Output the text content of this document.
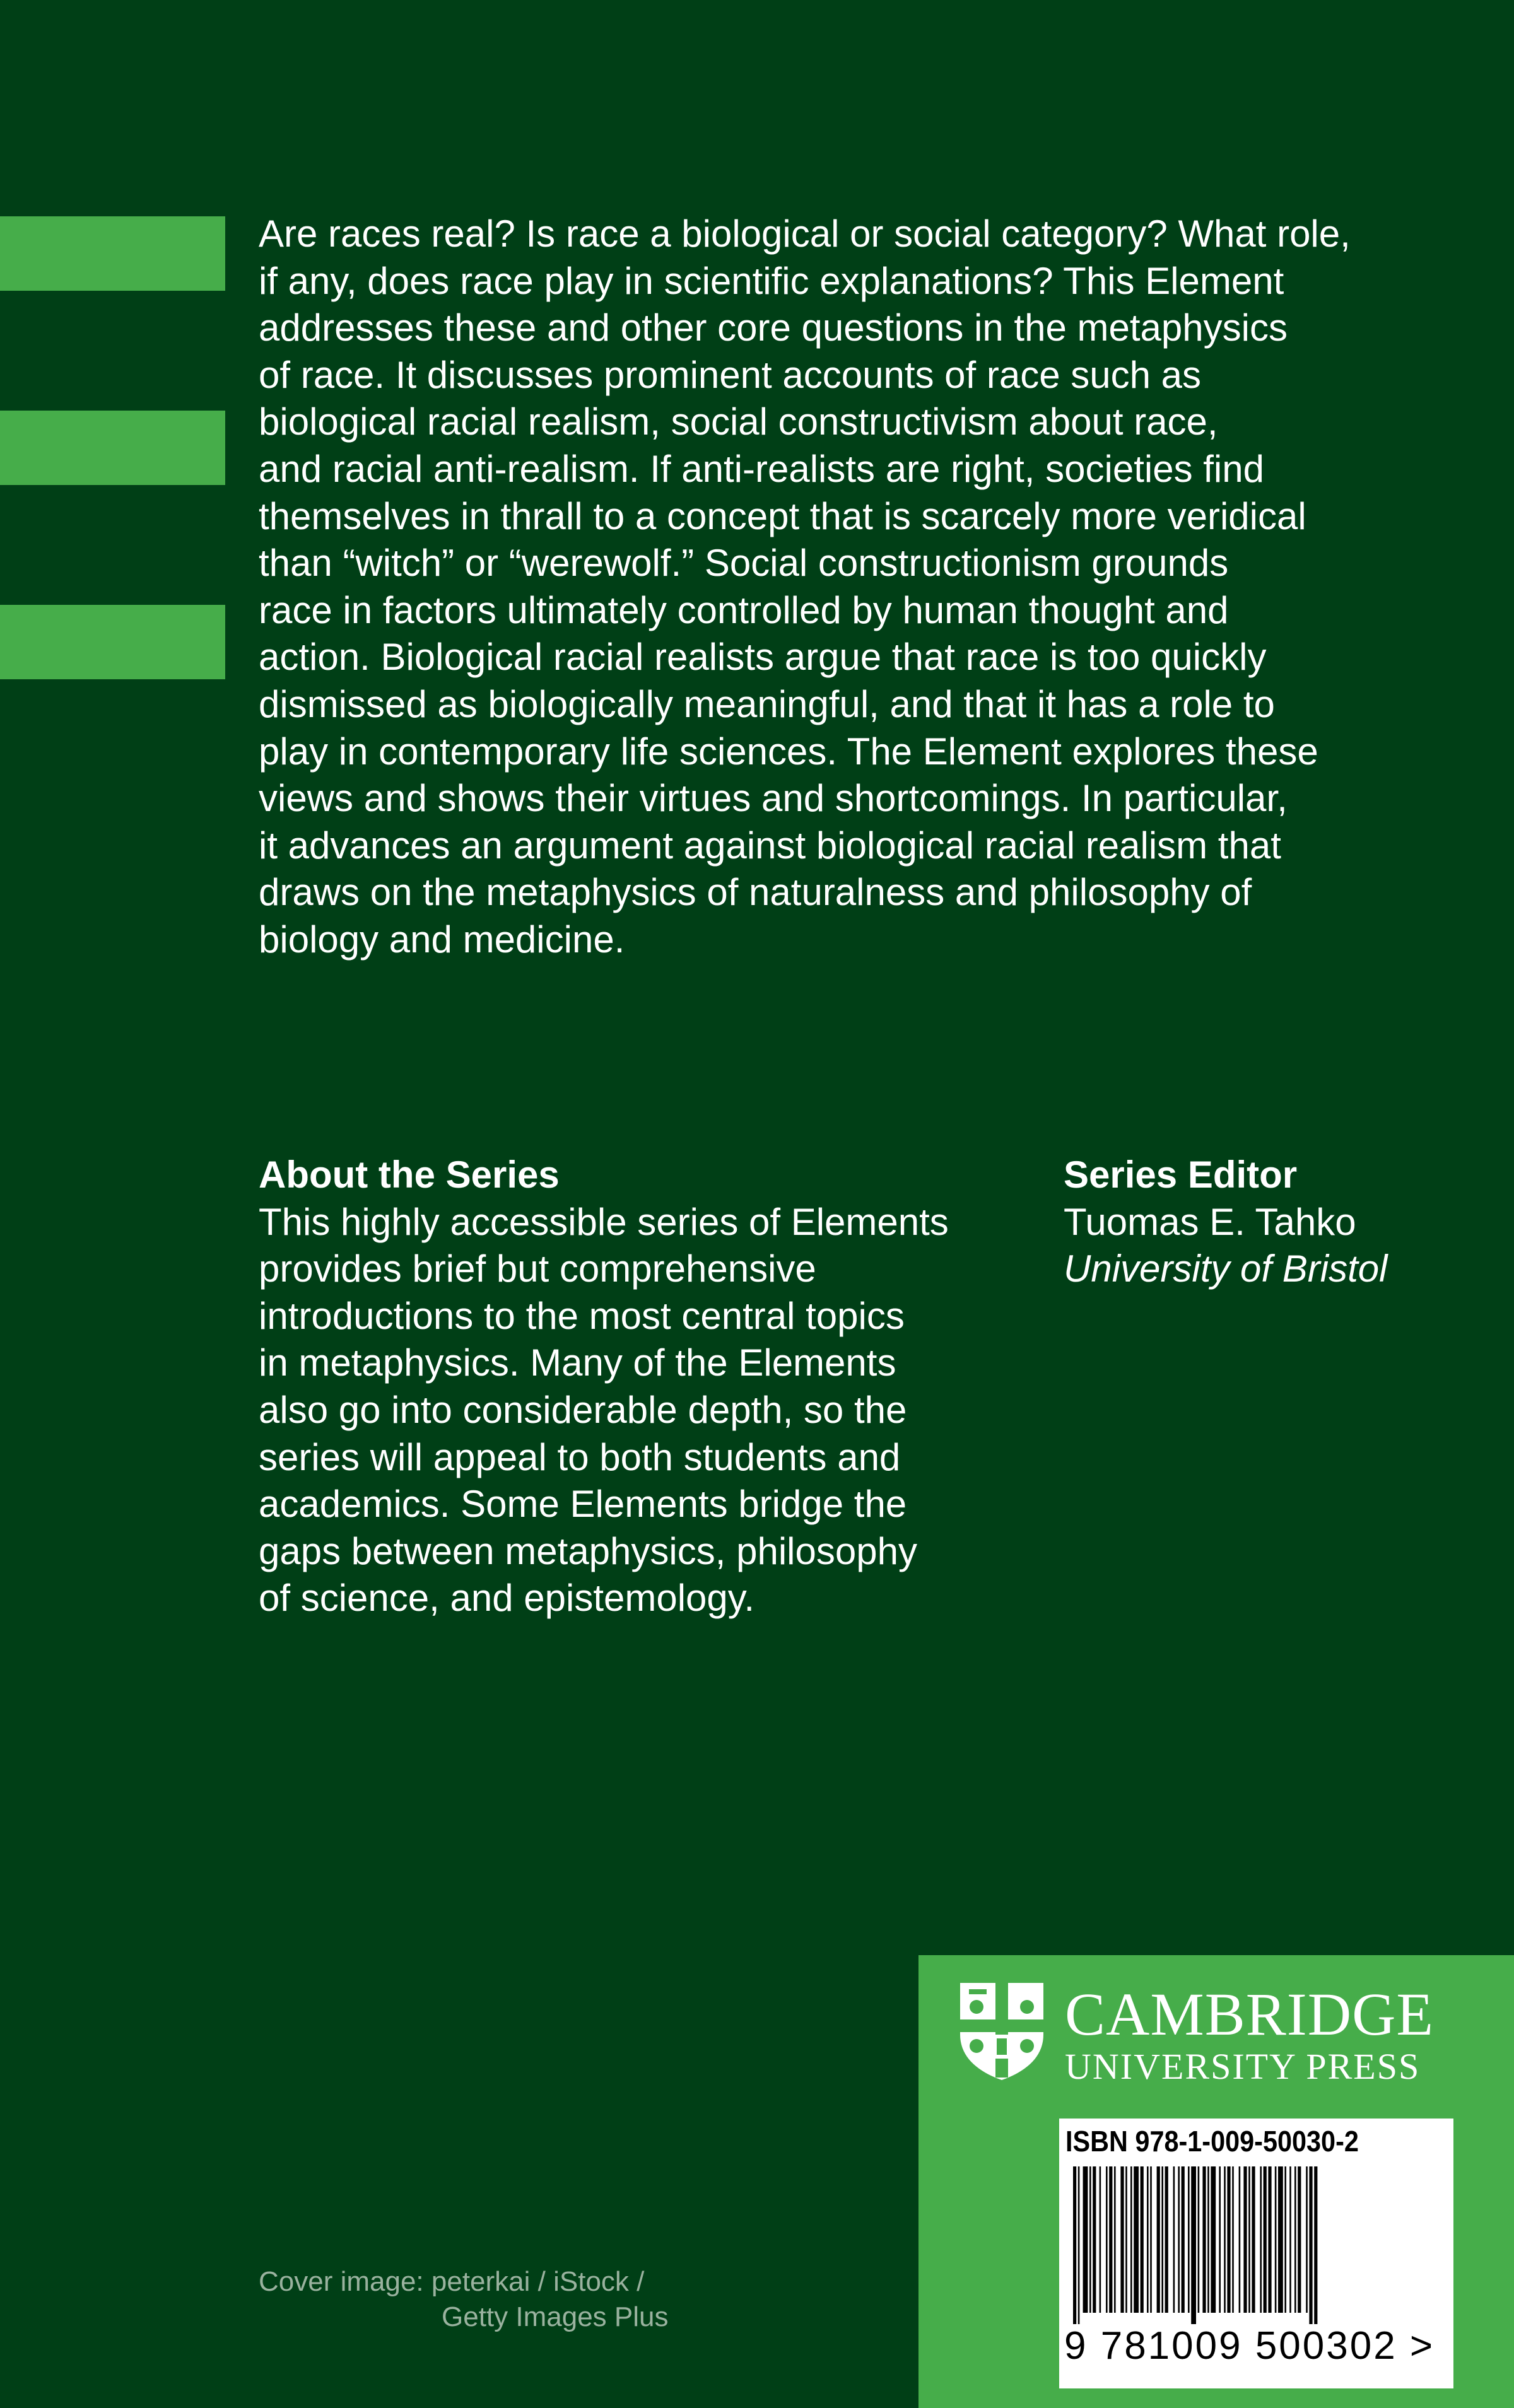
Are races real? Is race a biological or social category? What role,
if any, does race play in scientific explanations? This Element
addresses these and other core questions in the metaphysics
of race. It discusses prominent accounts of race such as
biological racial realism, social constructivism about race,
and racial anti-realism. If anti-realists are right, societies find
themselves in thrall to a concept that is scarcely more veridical
than “witch” or “werewolf.” Social constructionism grounds
race in factors ultimately controlled by human thought and
action. Biological racial realists argue that race is too quickly
dismissed as biologically meaningful, and that it has a role to
play in contemporary life sciences. The Element explores these
views and shows their virtues and shortcomings. In particular,
it advances an argument against biological racial realism that
draws on the metaphysics of naturalness and philosophy of
biology and medicine.
About the Series
This highly accessible series of Elements
provides brief but comprehensive
introductions to the most central topics
in metaphysics. Many of the Elements
also go into considerable depth, so the
series will appeal to both students and
academics. Some Elements bridge the
gaps between metaphysics, philosophy
of science, and epistemology.
Series Editor
Tuomas E. Tahko
University of Bristol
Cover image: peterkai / iStock /
Getty Images Plus
CAMBRIDGE
UNIVERSITY PRESS
ISBN 978-1-009-50030-2
9 781009 500302 >
